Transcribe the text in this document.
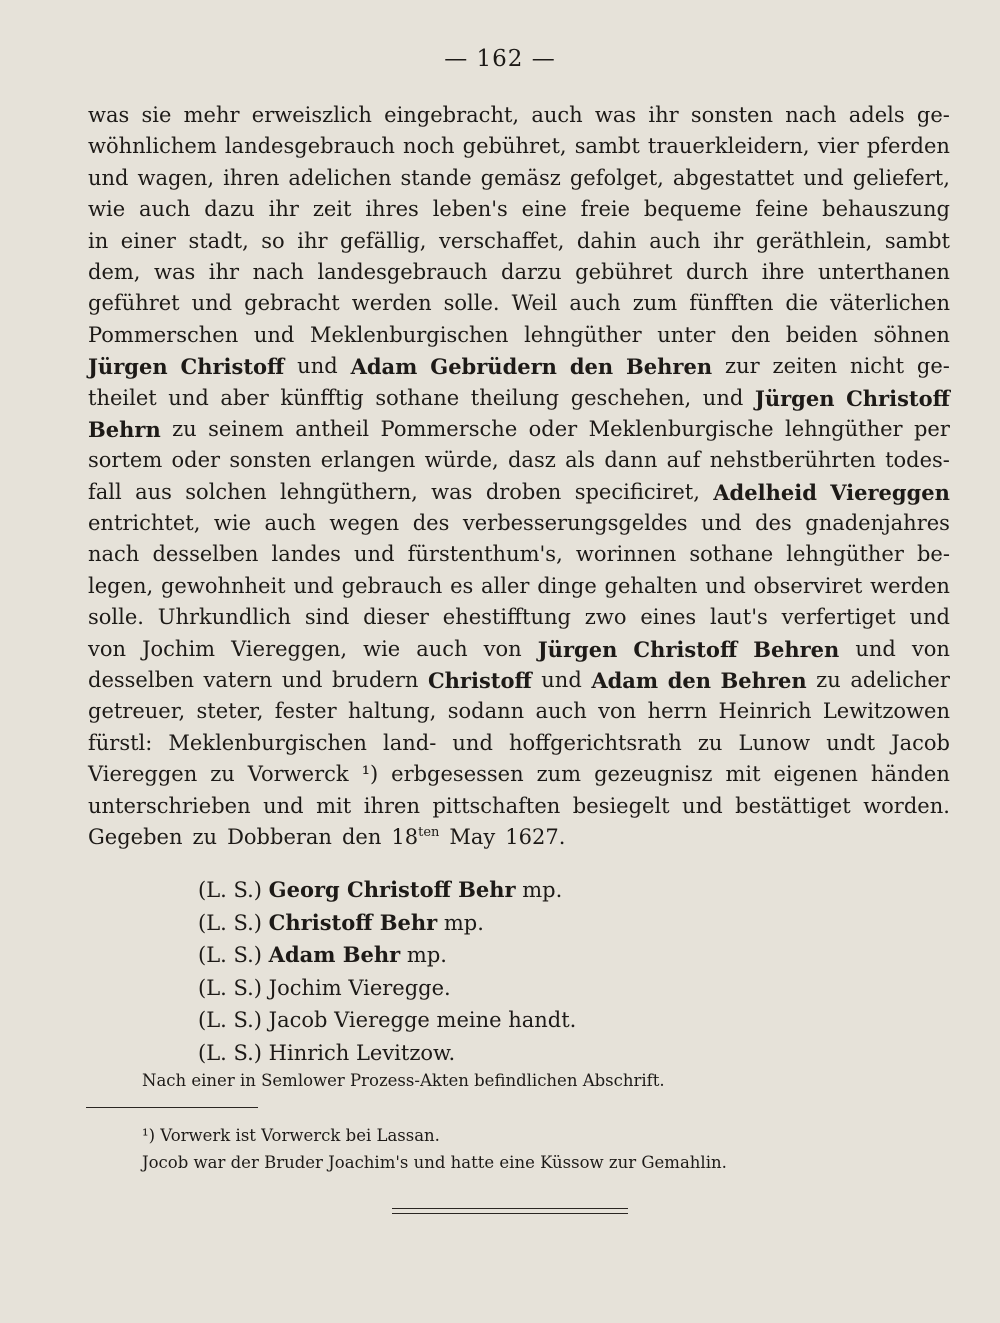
— 162 —
was sie mehr erweiszlich eingebracht, auch was ihr sonsten nach adels ge-
wöhnlichem landesgebrauch noch gebühret, sambt trauerkleidern, vier pferden
und wagen, ihren adelichen stande gemäsz gefolget, abgestattet und geliefert,
wie auch dazu ihr zeit ihres leben's eine freie bequeme feine behauszung
in einer stadt, so ihr gefällig, verschaffet, dahin auch ihr geräthlein, sambt
dem, was ihr nach landesgebrauch darzu gebühret durch ihre unterthanen
geführet und gebracht werden solle. Weil auch zum fünfften die väterlichen
Pommerschen und Meklenburgischen lehngüther unter den beiden söhnen
Jürgen Christoff und Adam Gebrüdern den Behren zur zeiten nicht ge-
theilet und aber künfftig sothane theilung geschehen, und Jürgen Christoff
Behrn zu seinem antheil Pommersche oder Meklenburgische lehngüther per
sortem oder sonsten erlangen würde, dasz als dann auf nehstberührten todes-
fall aus solchen lehngüthern, was droben specificiret, Adelheid Viereggen
entrichtet, wie auch wegen des verbesserungsgeldes und des gnadenjahres
nach desselben landes und fürstenthum's, worinnen sothane lehngüther be-
legen, gewohnheit und gebrauch es aller dinge gehalten und observiret werden
solle. Uhrkundlich sind dieser ehestifftung zwo eines laut's verfertiget und
von Jochim Viereggen, wie auch von Jürgen Christoff Behren und von
desselben vatern und brudern Christoff und Adam den Behren zu adelicher
getreuer, steter, fester haltung, sodann auch von herrn Heinrich Lewitzowen
fürstl: Meklenburgischen land- und hoffgerichtsrath zu Lunow undt Jacob
Viereggen zu Vorwerck ¹) erbgesessen zum gezeugnisz mit eigenen händen
unterschrieben und mit ihren pittschaften besiegelt und bestättiget worden.
Gegeben zu Dobberan den $18^{ten}$ May 1627.
(L. S.) Georg Christoff Behr mp.
(L. S.) Christoff Behr mp.
(L. S.) Adam Behr mp.
(L. S.) Jochim Vieregge.
(L. S.) Jacob Vieregge meine handt.
(L. S.) Hinrich Levitzow.
Nach einer in Semlower Prozess-Akten befindlichen Abschrift.
¹) Vorwerk ist Vorwerck bei Lassan.
Jocob war der Bruder Joachim's und hatte eine Küssow zur Gemahlin.
